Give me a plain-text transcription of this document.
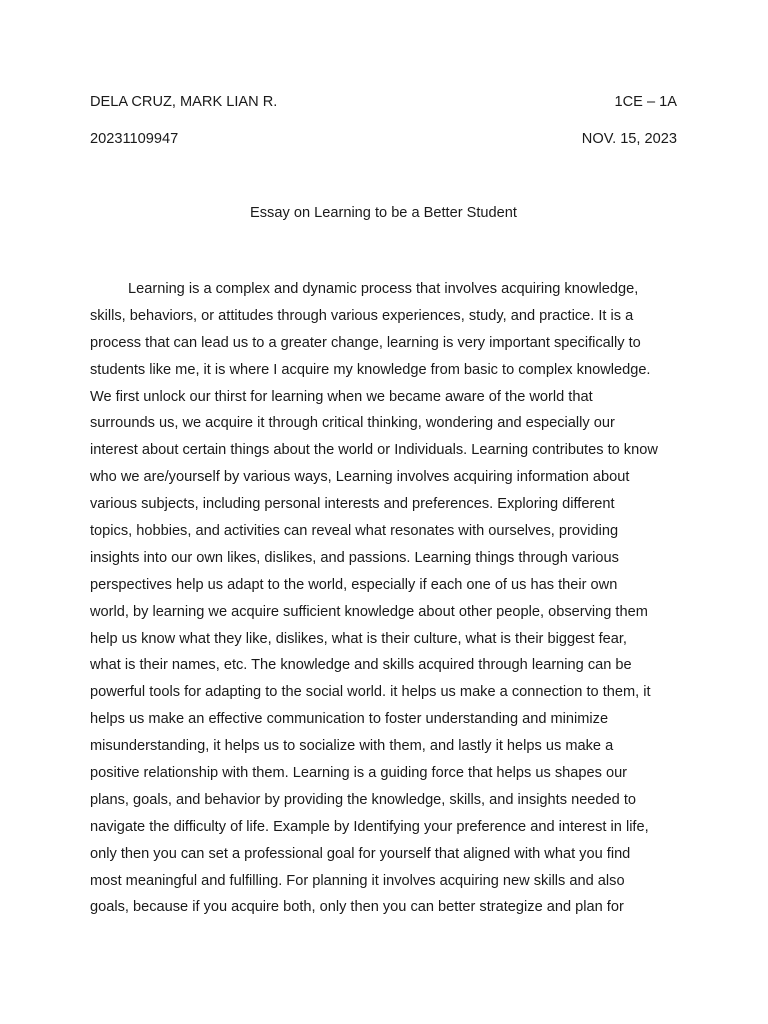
DELA CRUZ, MARK LIAN R.	1CE – 1A
20231109947	NOV. 15, 2023
Essay on Learning to be a Better Student
Learning is a complex and dynamic process that involves acquiring knowledge,
skills, behaviors, or attitudes through various experiences, study, and practice. It is a
process that can lead us to a greater change, learning is very important specifically to
students like me, it is where I acquire my knowledge from basic to complex knowledge.
We first unlock our thirst for learning when we became aware of the world that
surrounds us, we acquire it through critical thinking, wondering and especially our
interest about certain things about the world or Individuals. Learning contributes to know
who we are/yourself by various ways, Learning involves acquiring information about
various subjects, including personal interests and preferences. Exploring different
topics, hobbies, and activities can reveal what resonates with ourselves, providing
insights into our own likes, dislikes, and passions. Learning things through various
perspectives help us adapt to the world, especially if each one of us has their own
world, by learning we acquire sufficient knowledge about other people, observing them
help us know what they like, dislikes, what is their culture, what is their biggest fear,
what is their names, etc. The knowledge and skills acquired through learning can be
powerful tools for adapting to the social world. it helps us make a connection to them, it
helps us make an effective communication to foster understanding and minimize
misunderstanding, it helps us to socialize with them, and lastly it helps us make a
positive relationship with them. Learning is a guiding force that helps us shapes our
plans, goals, and behavior by providing the knowledge, skills, and insights needed to
navigate the difficulty of life. Example by Identifying your preference and interest in life,
only then you can set a professional goal for yourself that aligned with what you find
most meaningful and fulfilling. For planning it involves acquiring new skills and also
goals, because if you acquire both, only then you can better strategize and plan for
